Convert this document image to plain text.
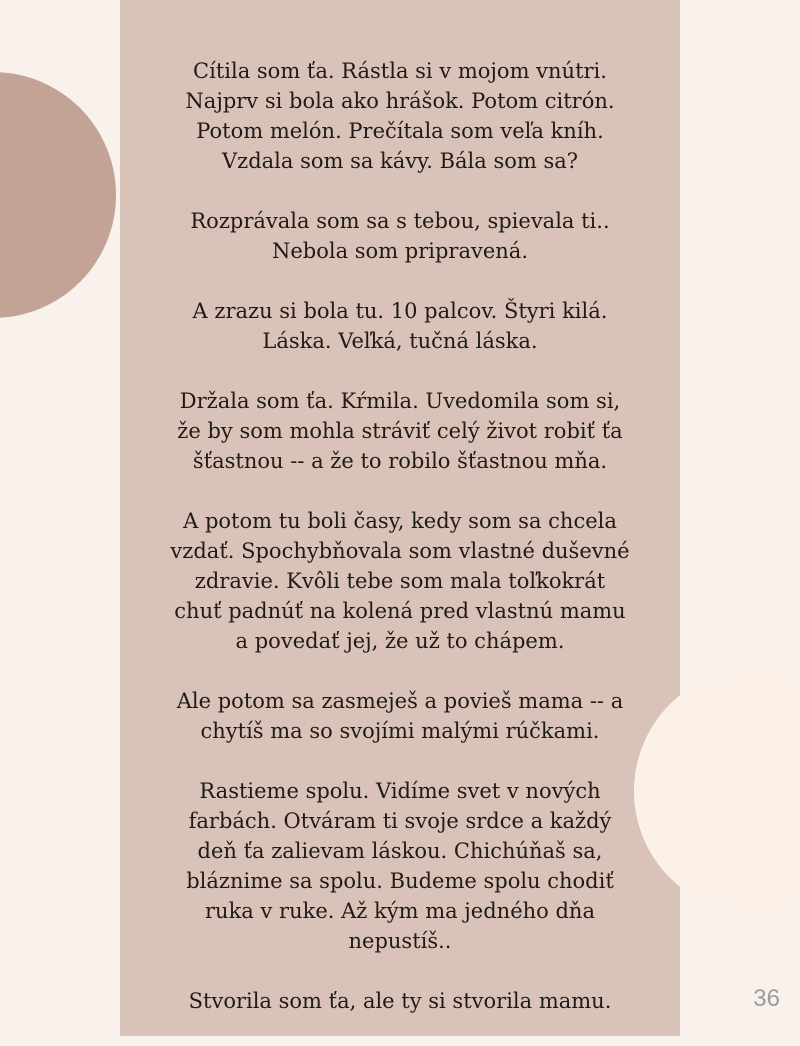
Cítila som ťa. Rástla si v mojom vnútri.
Najprv si bola ako hrášok. Potom citrón.
Potom melón. Prečítala som veľa kníh.
Vzdala som sa kávy. Bála som sa?

Rozprávala som sa s tebou, spievala ti..
Nebola som pripravená.

A zrazu si bola tu. 10 palcov. Štyri kilá.
Láska. Veľká, tučná láska.

Držala som ťa. Kŕmila. Uvedomila som si,
že by som mohla stráviť celý život robiť ťa
šťastnou -- a že to robilo šťastnou mňa.

A potom tu boli časy, kedy som sa chcela
vzdať. Spochybňovala som vlastné duševné
zdravie. Kvôli tebe som mala toľkokrát
chuť padnúť na kolená pred vlastnú mamu
a povedať jej, že už to chápem.

Ale potom sa zasmeješ a povieš mama -- a
chytíš ma so svojími malými rúčkami.

Rastieme spolu. Vidíme svet v nových
farbách. Otváram ti svoje srdce a každý
deň ťa zalievam láskou. Chichúňaš sa,
bláznime sa spolu. Budeme spolu chodiť
ruka v ruke. Až kým ma jedného dňa
nepustíš..

Stvorila som ťa, ale ty si stvorila mamu.	36
